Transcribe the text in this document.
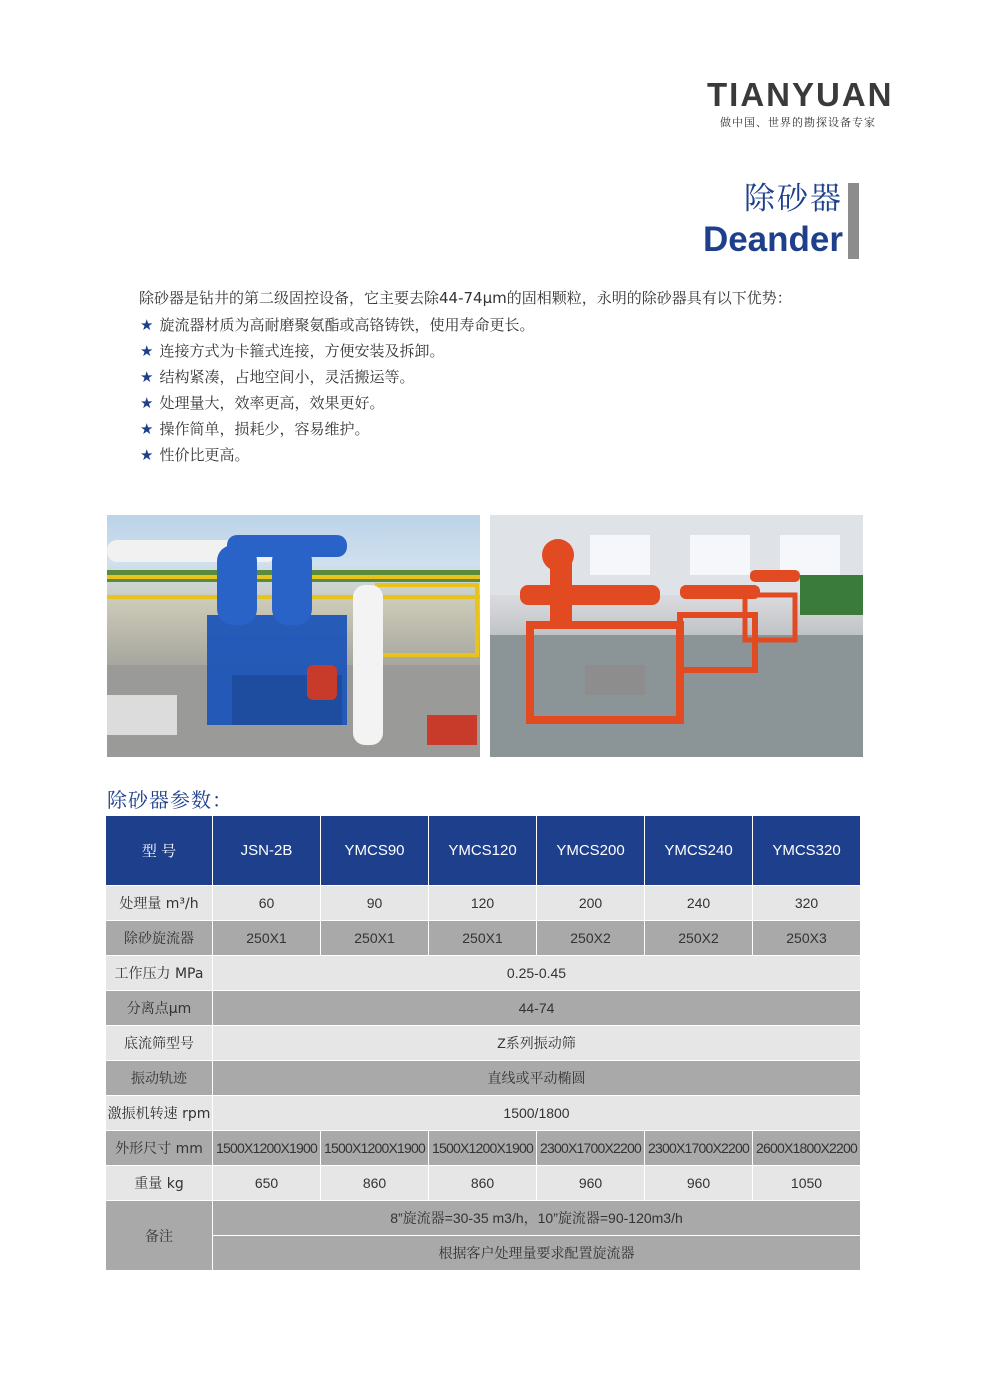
TIANYUAN
做中国、世界的勘探设备专家
除砂器
Deander

除砂器是钻井的第二级固控设备，它主要去除44-74μm的固相颗粒，永明的除砂器具有以下优势：

★ 旋流器材质为高耐磨聚氨酯或高铬铸铁，使用寿命更长。
★ 连接方式为卡箍式连接，方便安装及拆卸。
★ 结构紧凑，占地空间小，灵活搬运等。
★ 处理量大，效率更高，效果更好。
★ 操作简单，损耗少，容易维护。
★ 性价比更高。
除砂器参数：
型 号	JSN-2B	YMCS90	YMCS120	YMCS200	YMCS240	YMCS320
处理量 m³/h	60	90	120	200	240	320
除砂旋流器	250X1	250X1	250X1	250X2	250X2	250X3
工作压力 MPa	0.25-0.45					
分离点μm	44-74					
底流筛型号	Z系列振动筛					
振动轨迹	直线或平动椭圆					
激振机转速 rpm	1500/1800					
外形尺寸 mm	1500X1200X1900	1500X1200X1900	1500X1200X1900	2300X1700X2200	2300X1700X2200	2600X1800X2200
重量 kg	650	860	860	960	960	1050
备注	8”旋流器=30-35 m3/h，10”旋流器=90-120m3/h					
	根据客户处理量要求配置旋流器					
